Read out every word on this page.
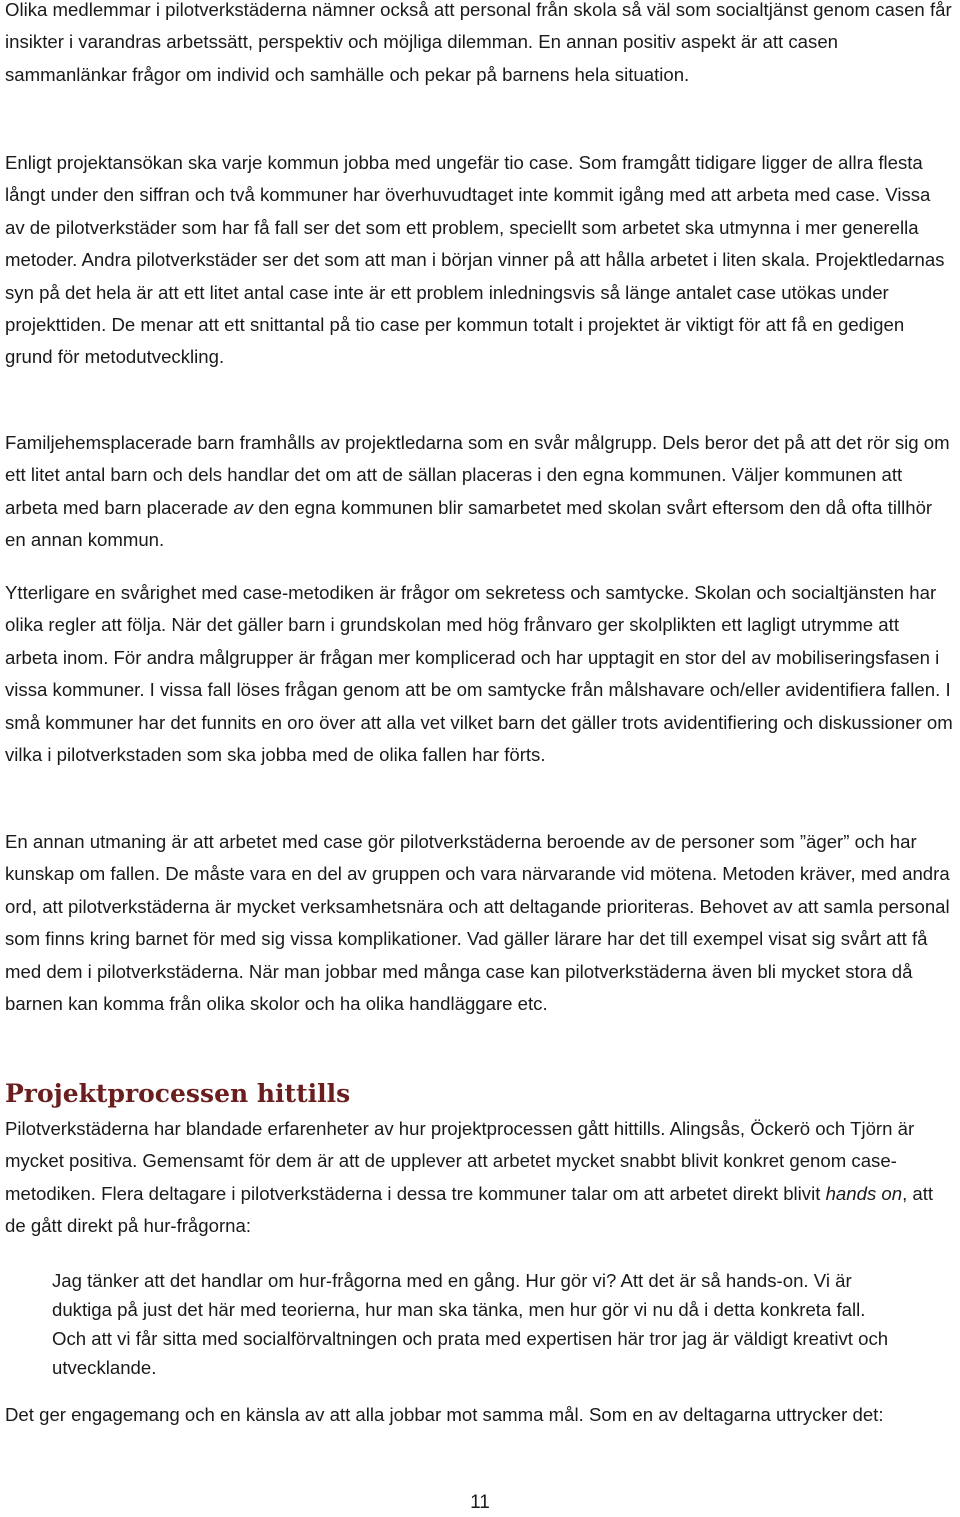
Olika medlemmar i pilotverkstäderna nämner också att personal från skola så väl som socialtjänst genom casen får insikter i varandras arbetssätt, perspektiv och möjliga dilemman. En annan positiv aspekt är att casen sammanlänkar frågor om individ och samhälle och pekar på barnens hela situation.

Enligt projektansökan ska varje kommun jobba med ungefär tio case. Som framgått tidigare ligger de allra flesta långt under den siffran och två kommuner har överhuvudtaget inte kommit igång med att arbeta med case. Vissa av de pilotverkstäder som har få fall ser det som ett problem, speciellt som arbetet ska utmynna i mer generella metoder. Andra pilotverkstäder ser det som att man i början vinner på att hålla arbetet i liten skala. Projektledarnas syn på det hela är att ett litet antal case inte är ett problem inledningsvis så länge antalet case utökas under projekttiden. De menar att ett snittantal på tio case per kommun totalt i projektet är viktigt för att få en gedigen grund för metodutveckling.

Familjehemsplacerade barn framhålls av projektledarna som en svår målgrupp. Dels beror det på att det rör sig om ett litet antal barn och dels handlar det om att de sällan placeras i den egna kommunen. Väljer kommunen att arbeta med barn placerade av den egna kommunen blir samarbetet med skolan svårt eftersom den då ofta tillhör en annan kommun.

Ytterligare en svårighet med case-metodiken är frågor om sekretess och samtycke. Skolan och socialtjänsten har olika regler att följa. När det gäller barn i grundskolan med hög frånvaro ger skolplikten ett lagligt utrymme att arbeta inom. För andra målgrupper är frågan mer komplicerad och har upptagit en stor del av mobiliseringsfasen i vissa kommuner. I vissa fall löses frågan genom att be om samtycke från målshavare och/eller avidentifiera fallen. I små kommuner har det funnits en oro över att alla vet vilket barn det gäller trots avidentifiering och diskussioner om vilka i pilotverkstaden som ska jobba med de olika fallen har förts.

En annan utmaning är att arbetet med case gör pilotverkstäderna beroende av de personer som ”äger” och har kunskap om fallen. De måste vara en del av gruppen och vara närvarande vid mötena. Metoden kräver, med andra ord, att pilotverkstäderna är mycket verksamhetsnära och att deltagande prioriteras. Behovet av att samla personal som finns kring barnet för med sig vissa komplikationer. Vad gäller lärare har det till exempel visat sig svårt att få med dem i pilotverkstäderna. När man jobbar med många case kan pilotverkstäderna även bli mycket stora då barnen kan komma från olika skolor och ha olika handläggare etc.

Projektprocessen hittills

Pilotverkstäderna har blandade erfarenheter av hur projektprocessen gått hittills. Alingsås, Öckerö och Tjörn är mycket positiva. Gemensamt för dem är att de upplever att arbetet mycket snabbt blivit konkret genom case-metodiken. Flera deltagare i pilotverkstäderna i dessa tre kommuner talar om att arbetet direkt blivit hands on, att de gått direkt på hur-frågorna:

Jag tänker att det handlar om hur-frågorna med en gång. Hur gör vi? Att det är så hands-on. Vi är duktiga på just det här med teorierna, hur man ska tänka, men hur gör vi nu då i detta konkreta fall. Och att vi får sitta med socialförvaltningen och prata med expertisen här tror jag är väldigt kreativt och utvecklande.

Det ger engagemang och en känsla av att alla jobbar mot samma mål. Som en av deltagarna uttrycker det:

11
